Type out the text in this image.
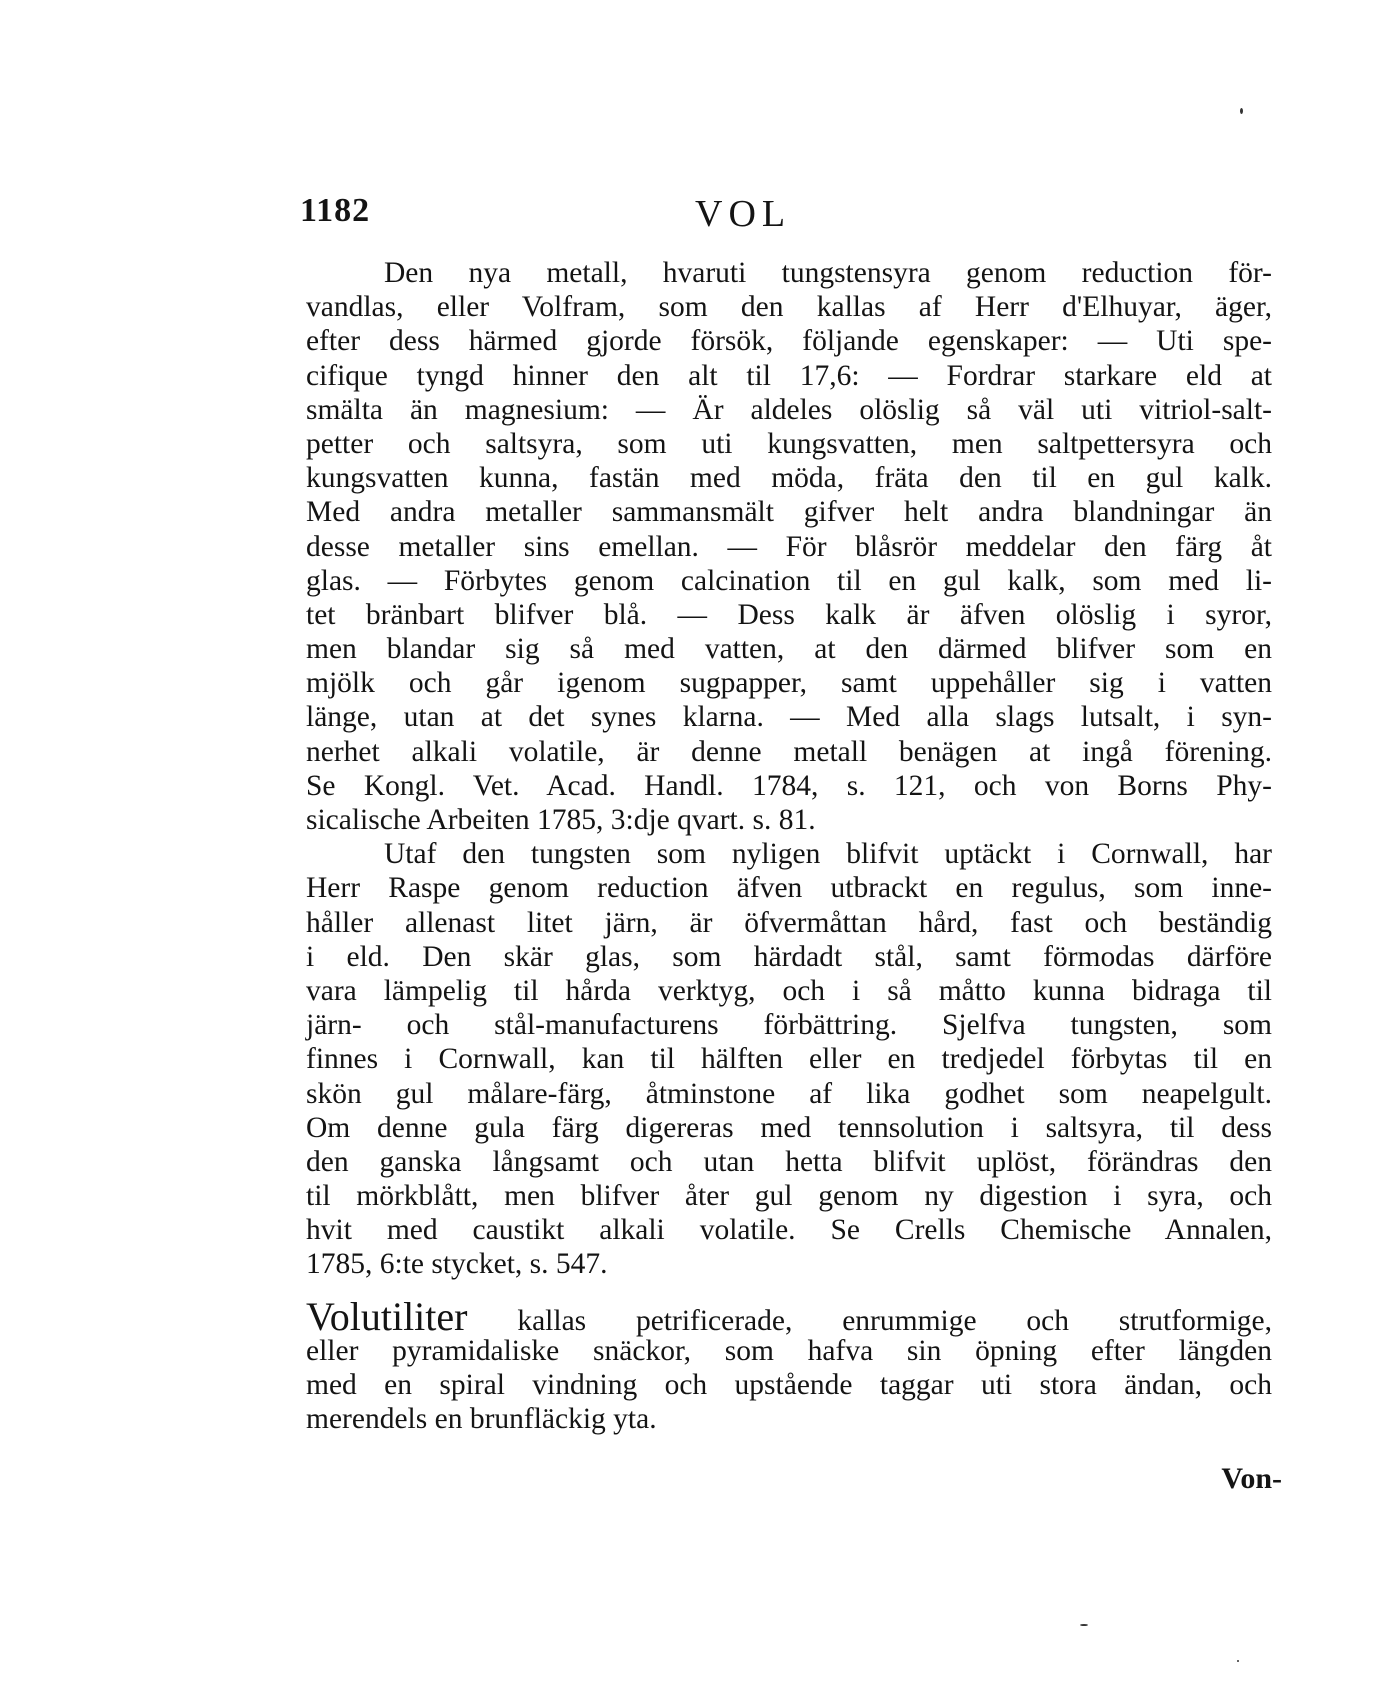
1182	VOL
Den nya metall, hvaruti tungstensyra genom reduction för-
vandlas, eller Volfram, som den kallas af Herr d'Elhuyar, äger,
efter dess härmed gjorde försök, följande egenskaper: — Uti spe-
cifique tyngd hinner den alt til 17,6: — Fordrar starkare eld at
smälta än magnesium: — Är aldeles olöslig så väl uti vitriol-salt-
petter och saltsyra, som uti kungsvatten, men saltpettersyra och
kungsvatten kunna, fastän med möda, fräta den til en gul kalk.
Med andra metaller sammansmält gifver helt andra blandningar än
desse metaller sins emellan. — För blåsrör meddelar den färg åt
glas. — Förbytes genom calcination til en gul kalk, som med li-
tet bränbart blifver blå. — Dess kalk är äfven olöslig i syror,
men blandar sig så med vatten, at den därmed blifver som en
mjölk och går igenom sugpapper, samt uppehåller sig i vatten
länge, utan at det synes klarna. — Med alla slags lutsalt, i syn-
nerhet alkali volatile, är denne metall benägen at ingå förening.
Se Kongl. Vet. Acad. Handl. 1784, s. 121, och von Borns Phy-
sicalische Arbeiten 1785, 3:dje qvart. s. 81.
Utaf den tungsten som nyligen blifvit uptäckt i Cornwall, har
Herr Raspe genom reduction äfven utbrackt en regulus, som inne-
håller allenast litet järn, är öfvermåttan hård, fast och beständig
i eld. Den skär glas, som härdadt stål, samt förmodas därföre
vara lämpelig til hårda verktyg, och i så måtto kunna bidraga til
järn- och stål-manufacturens förbättring. Sjelfva tungsten, som
finnes i Cornwall, kan til hälften eller en tredjedel förbytas til en
skön gul målare-färg, åtminstone af lika godhet som neapelgult.
Om denne gula färg digereras med tennsolution i saltsyra, til dess
den ganska långsamt och utan hetta blifvit uplöst, förändras den
til mörkblått, men blifver åter gul genom ny digestion i syra, och
hvit med caustikt alkali volatile. Se Crells Chemische Annalen,
1785, 6:te stycket, s. 547.
Volutiliter kallas petrificerade, enrummige och strutformige,
eller pyramidaliske snäckor, som hafva sin öpning efter längden
med en spiral vindning och upstående taggar uti stora ändan, och
merendels en brunfläckig yta.
Von-
